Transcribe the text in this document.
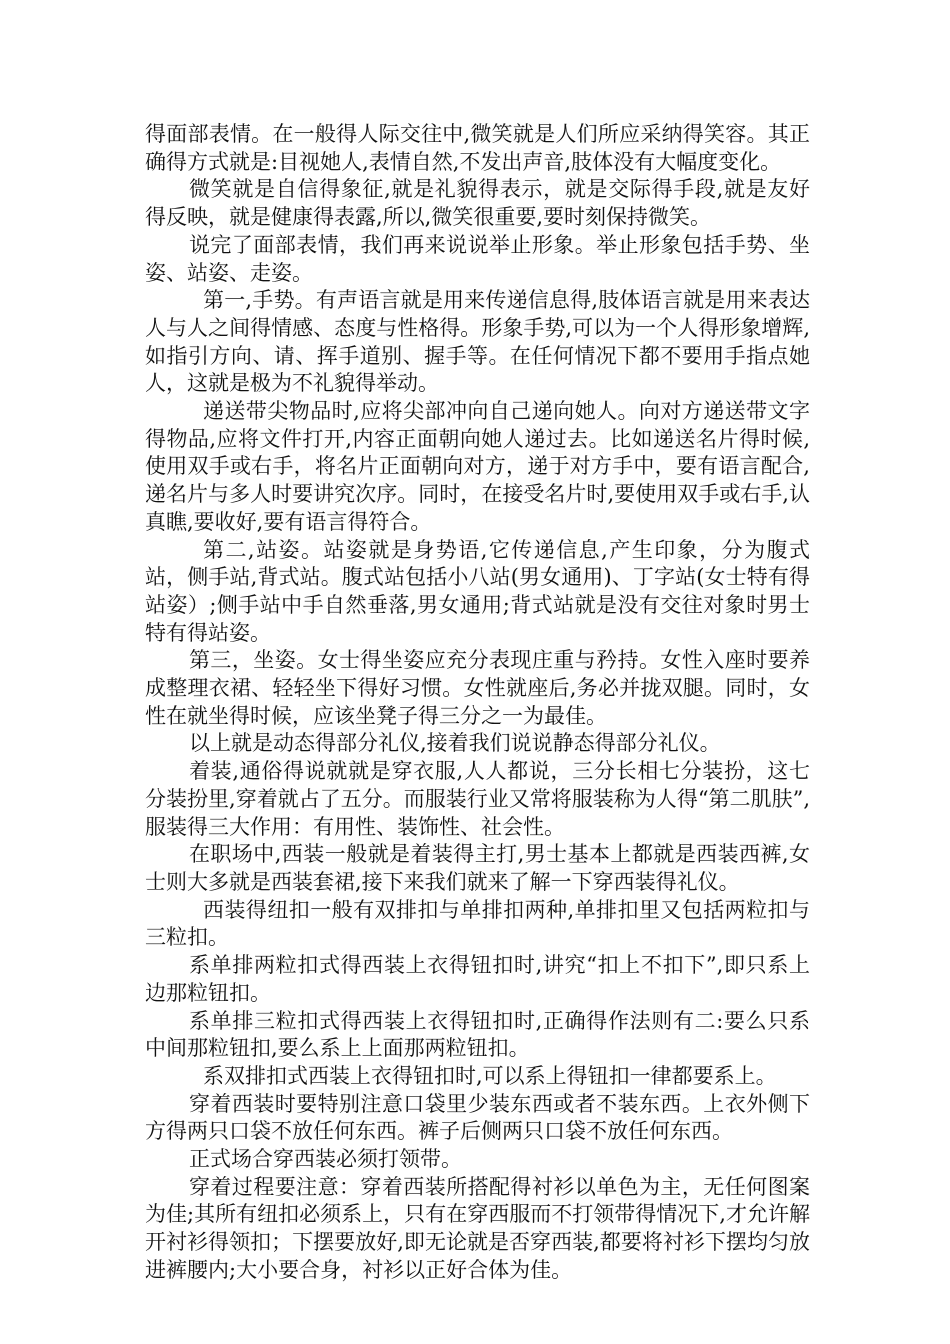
得面部表情。在一般得人际交往中,微笑就是人们所应采纳得笑容。其正确得方式就是:目视她人,表情自然,不发出声音,肢体没有大幅度变化。

微笑就是自信得象征,就是礼貌得表示，就是交际得手段,就是友好得反映，就是健康得表露,所以,微笑很重要,要时刻保持微笑。

说完了面部表情，我们再来说说举止形象。举止形象包括手势、坐姿、站姿、走姿。

第一,手势。有声语言就是用来传递信息得,肢体语言就是用来表达人与人之间得情感、态度与性格得。形象手势,可以为一个人得形象增辉,如指引方向、请、挥手道别、握手等。在任何情况下都不要用手指点她人，这就是极为不礼貌得举动。

递送带尖物品时,应将尖部冲向自己递向她人。向对方递送带文字得物品,应将文件打开,内容正面朝向她人递过去。比如递送名片得时候,使用双手或右手，将名片正面朝向对方，递于对方手中，要有语言配合,递名片与多人时要讲究次序。同时，在接受名片时,要使用双手或右手,认真瞧,要收好,要有语言得符合。

第二,站姿。站姿就是身势语,它传递信息,产生印象，分为腹式站，侧手站,背式站。腹式站包括小八站(男女通用)、丁字站(女士特有得站姿）;侧手站中手自然垂落,男女通用;背式站就是没有交往对象时男士特有得站姿。

第三，坐姿。女士得坐姿应充分表现庄重与矜持。女性入座时要养成整理衣裙、轻轻坐下得好习惯。女性就座后,务必并拢双腿。同时，女性在就坐得时候，应该坐凳子得三分之一为最佳。

以上就是动态得部分礼仪,接着我们说说静态得部分礼仪。

着装,通俗得说就就是穿衣服,人人都说，三分长相七分装扮，这七分装扮里,穿着就占了五分。而服装行业又常将服装称为人得“第二肌肤”,服装得三大作用：有用性、装饰性、社会性。

在职场中,西装一般就是着装得主打,男士基本上都就是西装西裤,女士则大多就是西装套裙,接下来我们就来了解一下穿西装得礼仪。

西装得纽扣一般有双排扣与单排扣两种,单排扣里又包括两粒扣与三粒扣。

系单排两粒扣式得西装上衣得钮扣时,讲究“扣上不扣下”,即只系上边那粒钮扣。

系单排三粒扣式得西装上衣得钮扣时,正确得作法则有二:要么只系中间那粒钮扣,要么系上上面那两粒钮扣。

系双排扣式西装上衣得钮扣时,可以系上得钮扣一律都要系上。

穿着西装时要特别注意口袋里少装东西或者不装东西。上衣外侧下方得两只口袋不放任何东西。裤子后侧两只口袋不放任何东西。

正式场合穿西装必须打领带。

穿着过程要注意：穿着西装所搭配得衬衫以单色为主，无任何图案为佳;其所有纽扣必须系上，只有在穿西服而不打领带得情况下,才允许解开衬衫得领扣；下摆要放好,即无论就是否穿西装,都要将衬衫下摆均匀放进裤腰内;大小要合身，衬衫以正好合体为佳。
